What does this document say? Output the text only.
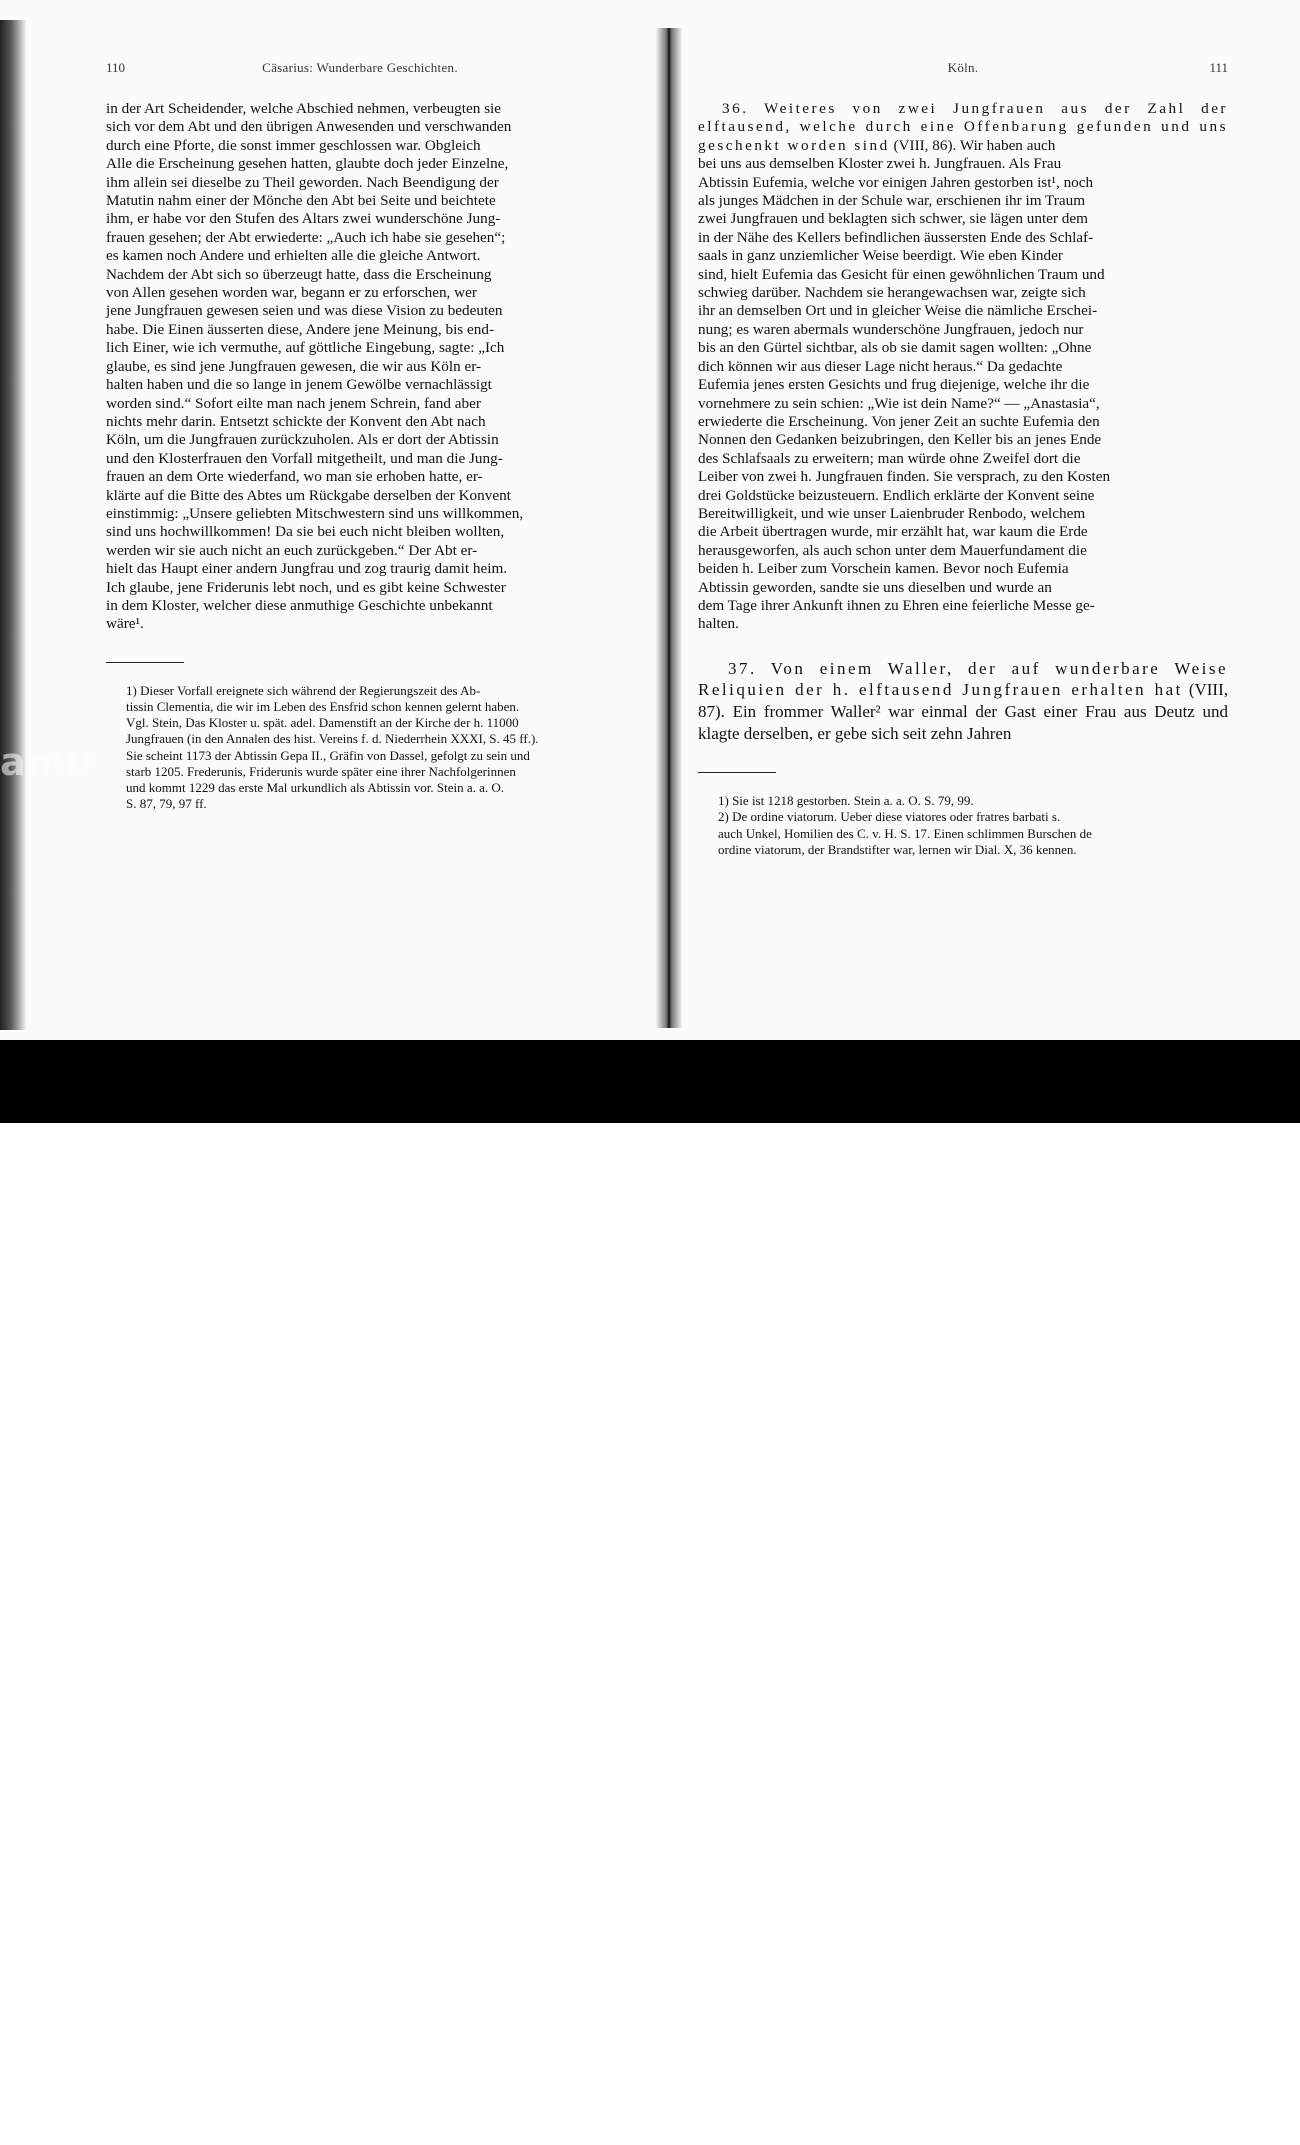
110	Cäsarius: Wunderbare Geschichten.

in der Art Scheidender, welche Abschied nehmen, verbeugten sie

sich vor dem Abt und den übrigen Anwesenden und verschwanden

durch eine Pforte, die sonst immer geschlossen war. Obgleich

Alle die Erscheinung gesehen hatten, glaubte doch jeder Einzelne,

ihm allein sei dieselbe zu Theil geworden. Nach Beendigung der

Matutin nahm einer der Mönche den Abt bei Seite und beichtete

ihm, er habe vor den Stufen des Altars zwei wunderschöne Jung-

frauen gesehen; der Abt erwiederte: „Auch ich habe sie gesehen“;

es kamen noch Andere und erhielten alle die gleiche Antwort.

Nachdem der Abt sich so überzeugt hatte, dass die Erscheinung

von Allen gesehen worden war, begann er zu erforschen, wer

jene Jungfrauen gewesen seien und was diese Vision zu bedeuten

habe. Die Einen äusserten diese, Andere jene Meinung, bis end-

lich Einer, wie ich vermuthe, auf göttliche Eingebung, sagte: „Ich

glaube, es sind jene Jungfrauen gewesen, die wir aus Köln er-

halten haben und die so lange in jenem Gewölbe vernachlässigt

worden sind.“ Sofort eilte man nach jenem Schrein, fand aber

nichts mehr darin. Entsetzt schickte der Konvent den Abt nach

Köln, um die Jungfrauen zurückzuholen. Als er dort der Abtissin

und den Klosterfrauen den Vorfall mitgetheilt, und man die Jung-

frauen an dem Orte wiederfand, wo man sie erhoben hatte, er-

klärte auf die Bitte des Abtes um Rückgabe derselben der Konvent

einstimmig: „Unsere geliebten Mitschwestern sind uns willkommen,

sind uns hochwillkommen! Da sie bei euch nicht bleiben wollten,

werden wir sie auch nicht an euch zurückgeben.“ Der Abt er-

hielt das Haupt einer andern Jungfrau und zog traurig damit heim.

Ich glaube, jene Friderunis lebt noch, und es gibt keine Schwester

in dem Kloster, welcher diese anmuthige Geschichte unbekannt

wäre¹.

1) Dieser Vorfall ereignete sich während der Regierungszeit des Ab-

tissin Clementia, die wir im Leben des Ensfrid schon kennen gelernt haben.

Vgl. Stein, Das Kloster u. spät. adel. Damenstift an der Kirche der h. 11000

Jungfrauen (in den Annalen des hist. Vereins f. d. Niederrhein XXXI, S. 45 ff.).

Sie scheint 1173 der Abtissin Gepa II., Gräfin von Dassel, gefolgt zu sein und

starb 1205. Frederunis, Friderunis wurde später eine ihrer Nachfolgerinnen

und kommt 1229 das erste Mal urkundlich als Abtissin vor. Stein a. a. O.

S. 87, 79, 97 ff.

Köln.	111

36. Weiteres von zwei Jungfrauen aus der Zahl der elftausend, welche durch eine Offenbarung gefunden und uns geschenkt worden sind (VIII, 86). Wir haben auch

bei uns aus demselben Kloster zwei h. Jungfrauen. Als Frau

Abtissin Eufemia, welche vor einigen Jahren gestorben ist¹, noch

als junges Mädchen in der Schule war, erschienen ihr im Traum

zwei Jungfrauen und beklagten sich schwer, sie lägen unter dem

in der Nähe des Kellers befindlichen äussersten Ende des Schlaf-

saals in ganz unziemlicher Weise beerdigt. Wie eben Kinder

sind, hielt Eufemia das Gesicht für einen gewöhnlichen Traum und

schwieg darüber. Nachdem sie herangewachsen war, zeigte sich

ihr an demselben Ort und in gleicher Weise die nämliche Erschei-

nung; es waren abermals wunderschöne Jungfrauen, jedoch nur

bis an den Gürtel sichtbar, als ob sie damit sagen wollten: „Ohne

dich können wir aus dieser Lage nicht heraus.“ Da gedachte

Eufemia jenes ersten Gesichts und frug diejenige, welche ihr die

vornehmere zu sein schien: „Wie ist dein Name?“ — „Anastasia“,

erwiederte die Erscheinung. Von jener Zeit an suchte Eufemia den

Nonnen den Gedanken beizubringen, den Keller bis an jenes Ende

des Schlafsaals zu erweitern; man würde ohne Zweifel dort die

Leiber von zwei h. Jungfrauen finden. Sie versprach, zu den Kosten

drei Goldstücke beizusteuern. Endlich erklärte der Konvent seine

Bereitwilligkeit, und wie unser Laienbruder Renbodo, welchem

die Arbeit übertragen wurde, mir erzählt hat, war kaum die Erde

herausgeworfen, als auch schon unter dem Mauerfundament die

beiden h. Leiber zum Vorschein kamen. Bevor noch Eufemia

Abtissin geworden, sandte sie uns dieselben und wurde an

dem Tage ihrer Ankunft ihnen zu Ehren eine feierliche Messe ge-

halten.

37. Von einem Waller, der auf wunderbare Weise Reliquien der h. elftausend Jungfrauen erhalten hat (VIII, 87). Ein frommer Waller² war einmal der Gast einer Frau aus Deutz und klagte derselben, er gebe sich seit zehn Jahren

1) Sie ist 1218 gestorben. Stein a. a. O. S. 79, 99.

2) De ordine viatorum. Ueber diese viatores oder fratres barbati s.

auch Unkel, Homilien des C. v. H. S. 17. Einen schlimmen Burschen de

ordine viatorum, der Brandstifter war, lernen wir Dial. X, 36 kennen.

amu
alamy	JEBC6N
